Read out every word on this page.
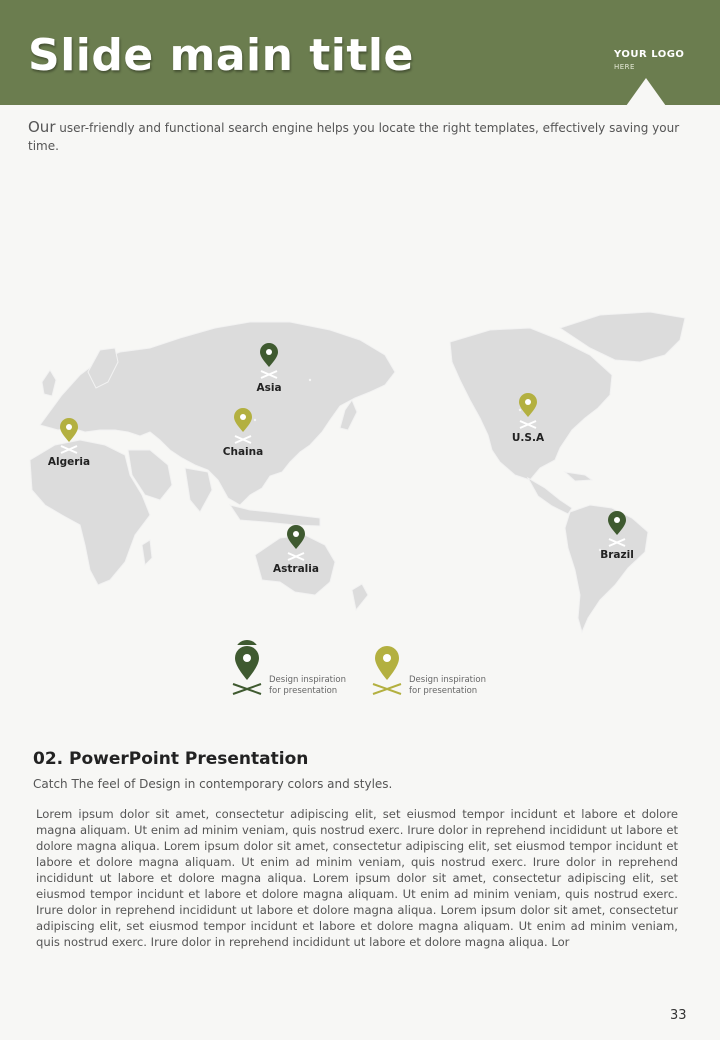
Slide main title	YOUR LOGO
HERE
Our user-friendly and functional search engine helps you locate the right templates, effectively saving your time.
Asia
Chaina
Algeria
Astralia
U.S.A
Brazil
Design inspiration
for presentation
Design inspiration
for presentation
02. PowerPoint Presentation
Catch The feel of Design in contemporary colors and styles.
Lorem ipsum dolor sit amet, consectetur adipiscing elit, set eiusmod tempor incidunt et labore et dolore magna aliquam. Ut enim ad minim veniam, quis nostrud exerc. Irure dolor in reprehend incididunt ut labore et dolore magna aliqua. Lorem ipsum dolor sit amet, consectetur adipiscing elit, set eiusmod tempor incidunt et labore et dolore magna aliquam. Ut enim ad minim veniam, quis nostrud exerc. Irure dolor in reprehend incididunt ut labore et dolore magna aliqua. Lorem ipsum dolor sit amet, consectetur adipiscing elit, set eiusmod tempor incidunt et labore et dolore magna aliquam. Ut enim ad minim veniam, quis nostrud exerc. Irure dolor in reprehend incididunt ut labore et dolore magna aliqua. Lorem ipsum dolor sit amet, consectetur adipiscing elit, set eiusmod tempor incidunt et labore et dolore magna aliquam. Ut enim ad minim veniam, quis nostrud exerc. Irure dolor in reprehend incididunt ut labore et dolore magna aliqua. Lor
33
